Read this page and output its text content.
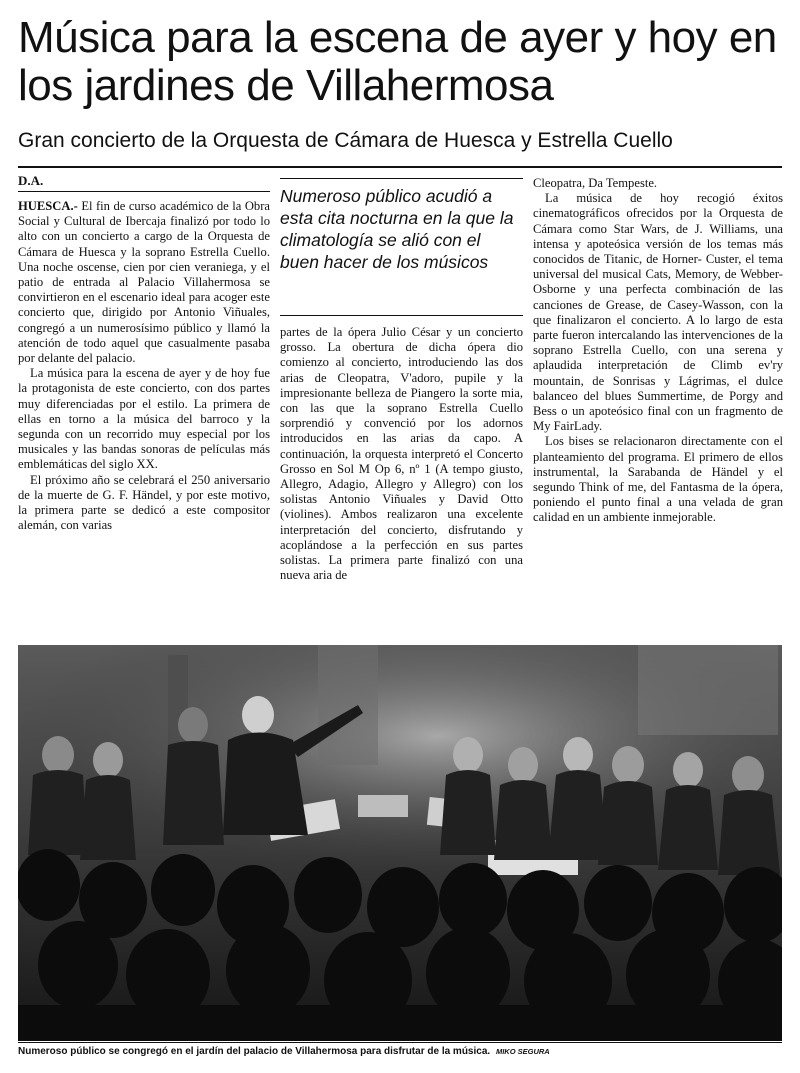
Música para la escena de ayer y hoy en los jardines de Villahermosa
Gran concierto de la Orquesta de Cámara de Huesca y Estrella Cuello
D.A.

HUESCA.- El fin de curso académico de la Obra Social y Cultural de Ibercaja finalizó por todo lo alto con un concierto a cargo de la Orquesta de Cámara de Huesca y la soprano Estrella Cuello. Una noche oscense, cien por cien veraniega, y el patio de entrada al Palacio Villahermosa se convirtieron en el escenario ideal para acoger este concierto que, dirigido por Antonio Viñuales, congregó a un numerosísimo público y llamó la atención de todo aquel que casualmente pasaba por delante del palacio.

La música para la escena de ayer y de hoy fue la protagonista de este concierto, con dos partes muy diferenciadas por el estilo. La primera de ellas en torno a la música del barroco y la segunda con un recorrido muy especial por los musicales y las bandas sonoras de películas más emblemáticas del siglo XX.

El próximo año se celebrará el 250 aniversario de la muerte de G. F. Händel, y por este motivo, la primera parte se dedicó a este compositor alemán, con varias

Numeroso público acudió a esta cita nocturna en la que la climatología se alió con el buen hacer de los músicos

partes de la ópera Julio César y un concierto grosso. La obertura de dicha ópera dio comienzo al concierto, introduciendo las dos arias de Cleopatra, V'adoro, pupile y la impresionante belleza de Piangero la sorte mia, con las que la soprano Estrella Cuello sorprendió y convenció por los adornos introducidos en las arias da capo. A continuación, la orquesta interpretó el Concerto Grosso en Sol M Op 6, nº 1 (A tempo giusto, Allegro, Adagio, Allegro y Allegro) con los solistas Antonio Viñuales y David Otto (violines). Ambos realizaron una excelente interpretación del concierto, disfrutando y acoplándose a la perfección en sus partes solistas. La primera parte finalizó con una nueva aria de

Cleopatra, Da Tempeste.

La música de hoy recogió éxitos cinematográficos ofrecidos por la Orquesta de Cámara como Star Wars, de J. Williams, una intensa y apoteósica versión de los temas más conocidos de Titanic, de Horner- Custer, el tema universal del musical Cats, Memory, de Webber-Osborne y una perfecta combinación de las canciones de Grease, de Casey-Wasson, con la que finalizaron el concierto. A lo largo de esta parte fueron intercalando las intervenciones de la soprano Estrella Cuello, con una serena y aplaudida interpretación de Climb ev'ry mountain, de Sonrisas y Lágrimas, el dulce balanceo del blues Summertime, de Porgy and Bess o un apoteósico final con un fragmento de My FairLady.

Los bises se relacionaron directamente con el planteamiento del programa. El primero de ellos instrumental, la Sarabanda de Händel y el segundo Think of me, del Fantasma de la ópera, poniendo el punto final a una velada de gran calidad en un ambiente inmejorable.

Numeroso público se congregó en el jardín del palacio de Villahermosa para disfrutar de la música. MIKO SEGURA
